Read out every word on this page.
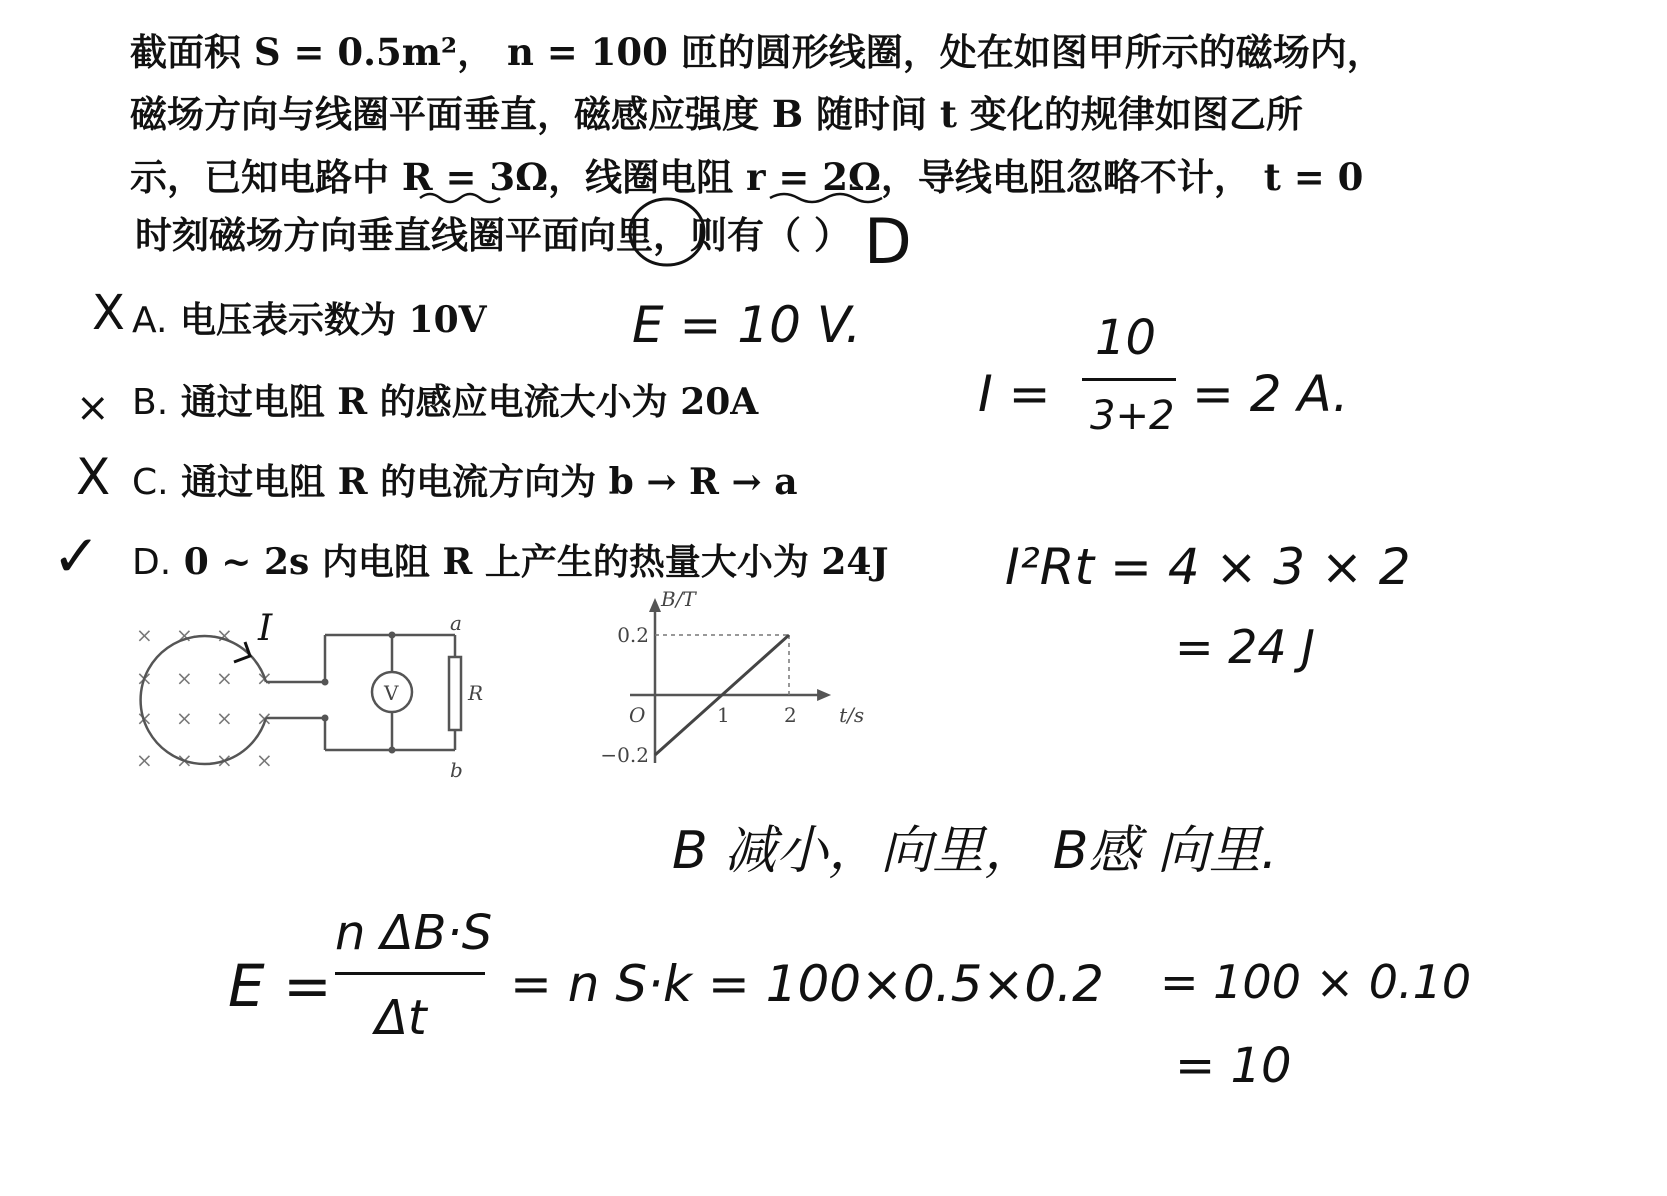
截面积 S = 0.5m²， n = 100 匝的圆形线圈，处在如图甲所示的磁场内，
磁场方向与线圈平面垂直，磁感应强度 B 随时间 t 变化的规律如图乙所
示，已知电路中 R = 3Ω，线圈电阻 r = 2Ω，导线电阻忽略不计， t = 0
时刻磁场方向垂直线圈平面向里，则有（ ） D
X A. 电压表示数为 10V
× B. 通过电阻 R 的感应电流大小为 20A
X C. 通过电阻 R 的电流方向为 b → R → a
✓ D. 0 ~ 2s 内电阻 R 上产生的热量大小为 24J
× × ×
× × × ×
× × × ×
× × × ×
V	R
a
b
I
1	2
0.2
−0.2
B/T
t/s
O
E = 10 V.
I =
10
3+2 = 2 A.
I²Rt = 4 × 3 × 2
= 24 J
B 减小，向里， B感 向里.
E =
n ΔB·S
Δt
= n S·k = 100×0.5×0.2 = 100 × 0.10
= 10
